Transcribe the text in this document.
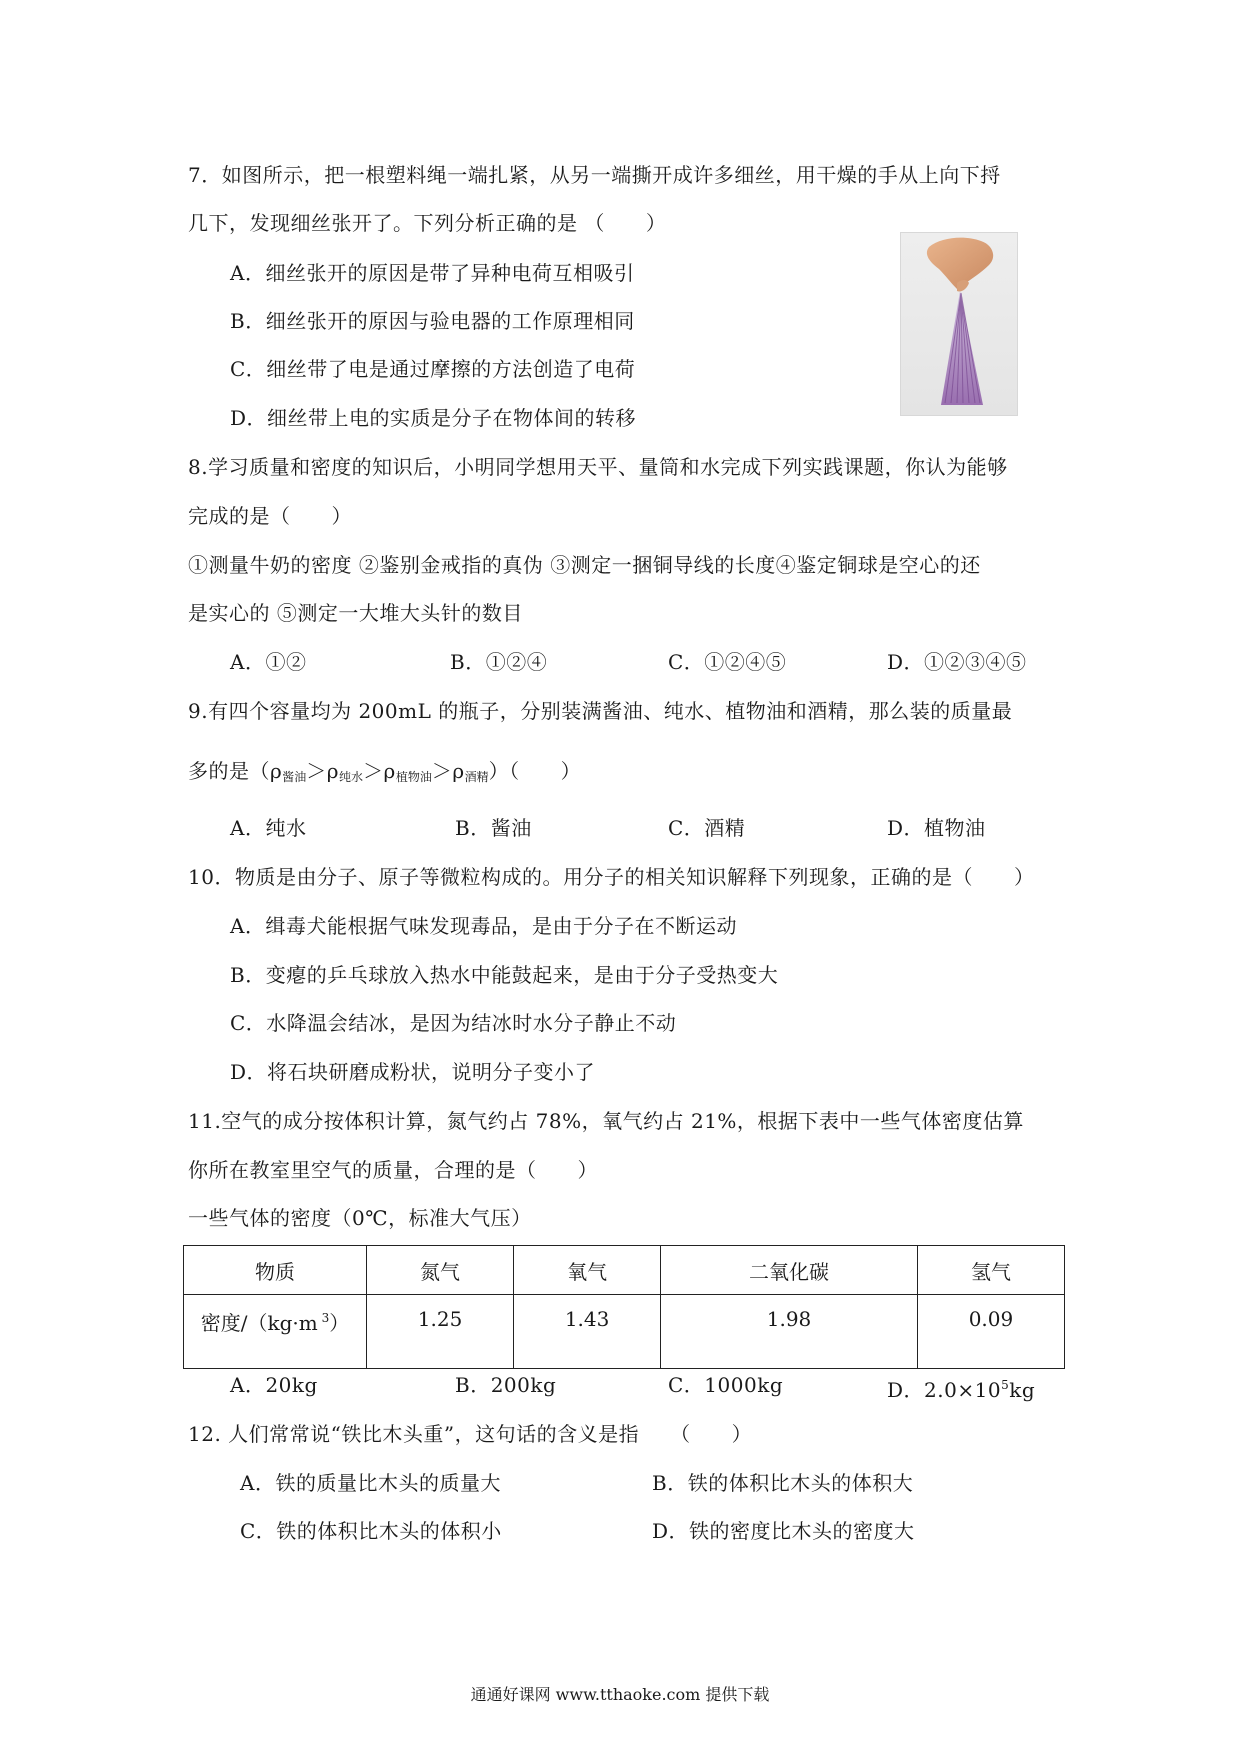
7．如图所示，把一根塑料绳一端扎紧，从另一端撕开成许多细丝，用干燥的手从上向下捋
几下，发现细丝张开了。下列分析正确的是 （　　）
A．细丝张开的原因是带了异种电荷互相吸引
B．细丝张开的原因与验电器的工作原理相同
C．细丝带了电是通过摩擦的方法创造了电荷
D．细丝带上电的实质是分子在物体间的转移
8.学习质量和密度的知识后，小明同学想用天平、量筒和水完成下列实践课题，你认为能够
完成的是（　　）
①测量牛奶的密度 ②鉴别金戒指的真伪 ③测定一捆铜导线的长度④鉴定铜球是空心的还
是实心的 ⑤测定一大堆大头针的数目
A．①②	B．①②④	C．①②④⑤	D．①②③④⑤
9.有四个容量均为 200mL 的瓶子，分别装满酱油、纯水、植物油和酒精，那么装的质量最
多的是$(\rho_{酱油}>\rho_{纯水}>\rho_{植物油}>\rho_{酒精})$（　　）
A．纯水	B．酱油	C．酒精	D．植物油
10．物质是由分子、原子等微粒构成的。用分子的相关知识解释下列现象，正确的是（　　）
A．缉毒犬能根据气味发现毒品，是由于分子在不断运动
B．变瘪的乒乓球放入热水中能鼓起来，是由于分子受热变大
C．水降温会结冰，是因为结冰时水分子静止不动
D．将石块研磨成粉状，说明分子变小了
11.空气的成分按体积计算，氮气约占 78%，氧气约占 21%，根据下表中一些气体密度估算
你所在教室里空气的质量，合理的是（　　）
一些气体的密度（0℃，标准大气压）
物质	氮气	氧气	二氧化碳	氢气
密度/（kg·m $^3$）	1.25	1.43	1.98	0.09
A．20kg	B．200kg	C．1000kg	D．$2.0\times 10^5kg$
12. 人们常常说“铁比木头重”，这句话的含义是指　　（　　）
A．铁的质量比木头的质量大	B．铁的体积比木头的体积大
C．铁的体积比木头的体积小	D．铁的密度比木头的密度大
通通好课网 www.tthaoke.com 提供下载
